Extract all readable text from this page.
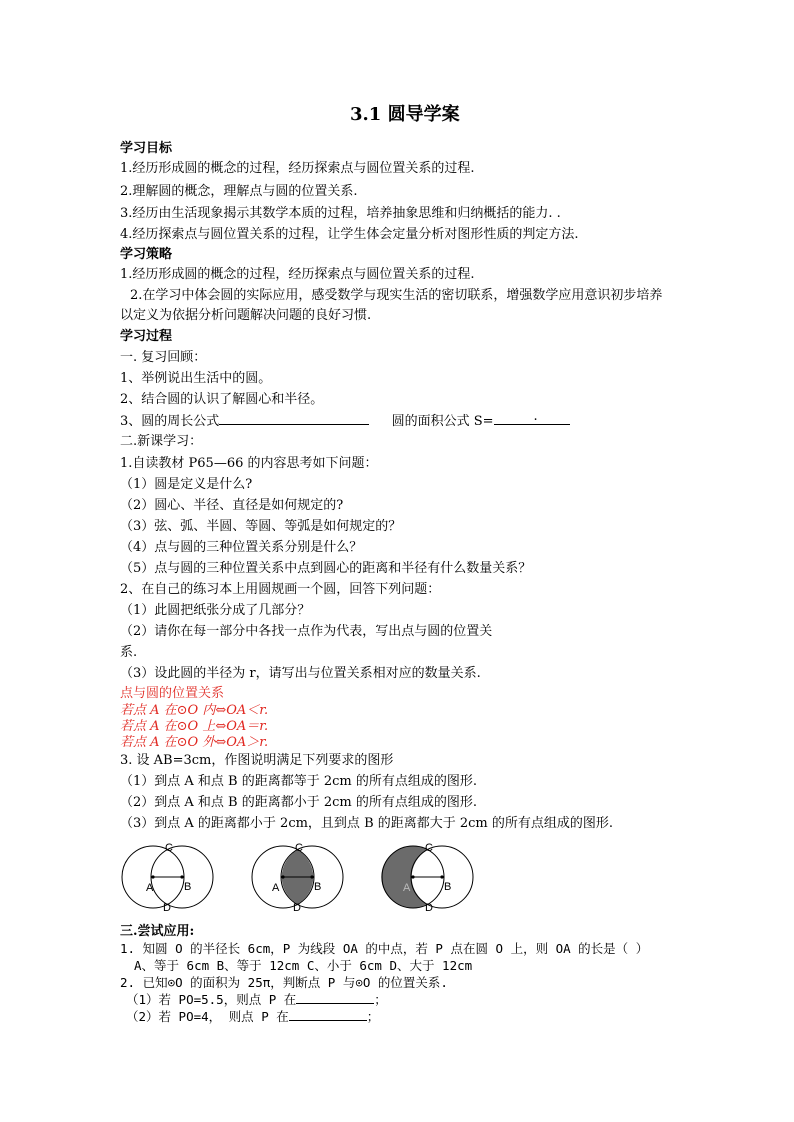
3.1 圆导学案
学习目标
1.经历形成圆的概念的过程，经历探索点与圆位置关系的过程.
2.理解圆的概念，理解点与圆的位置关系.
3.经历由生活现象揭示其数学本质的过程，培养抽象思维和归纳概括的能力. .
4.经历探索点与圆位置关系的过程，让学生体会定量分析对图形性质的判定方法.
学习策略
1.经历形成圆的概念的过程，经历探索点与圆位置关系的过程.
2.在学习中体会圆的实际应用，感受数学与现实生活的密切联系，增强数学应用意识初步培养
以定义为依据分析问题解决问题的良好习惯.
学习过程
一. 复习回顾：
1、举例说出生活中的圆。
2、结合圆的认识了解圆心和半径。
3、圆的周长公式	圆的面积公式 S=	.
二.新课学习：
1.自读教材 P65—66 的内容思考如下问题：
（1）圆是定义是什么?
（2）圆心、半径、直径是如何规定的?
（3）弦、弧、半圆、等圆、等弧是如何规定的？
（4）点与圆的三种位置关系分别是什么？
（5）点与圆的三种位置关系中点到圆心的距离和半径有什么数量关系？
2、在自己的练习本上用圆规画一个圆，回答下列问题：
（1）此圆把纸张分成了几部分？
（2）请你在每一部分中各找一点作为代表，写出点与圆的位置关
系.
（3）设此圆的半径为 r，请写出与位置关系相对应的数量关系.
点与圆的位置关系
若点 A 在⊙O 内⇔OA＜r.
若点 A 在⊙O 上⇔OA＝r.
若点 A 在⊙O 外⇔OA＞r.
3. 设 AB=3cm，作图说明满足下列要求的图形
（1）到点 A 和点 B 的距离都等于 2cm 的所有点组成的图形.
（2）到点 A 和点 B 的距离都小于 2cm 的所有点组成的图形.
（3）到点 A 的距离都小于 2cm，且到点 B 的距离都大于 2cm 的所有点组成的图形.
C
A	B
D
C
A	B
D
C
A	B
D
三.尝试应用:
1. 知圆 O 的半径长 6cm，P 为线段 OA 的中点，若 P 点在圆 O 上，则 OA 的长是（ ）
A、等于 6cm B、等于 12cm C、小于 6cm D、大于 12cm
2. 已知⊙O 的面积为 25π，判断点 P 与⊙O 的位置关系.
（1）若 PO=5.5，则点 P 在	；
（2）若 PO=4， 则点 P 在	；
